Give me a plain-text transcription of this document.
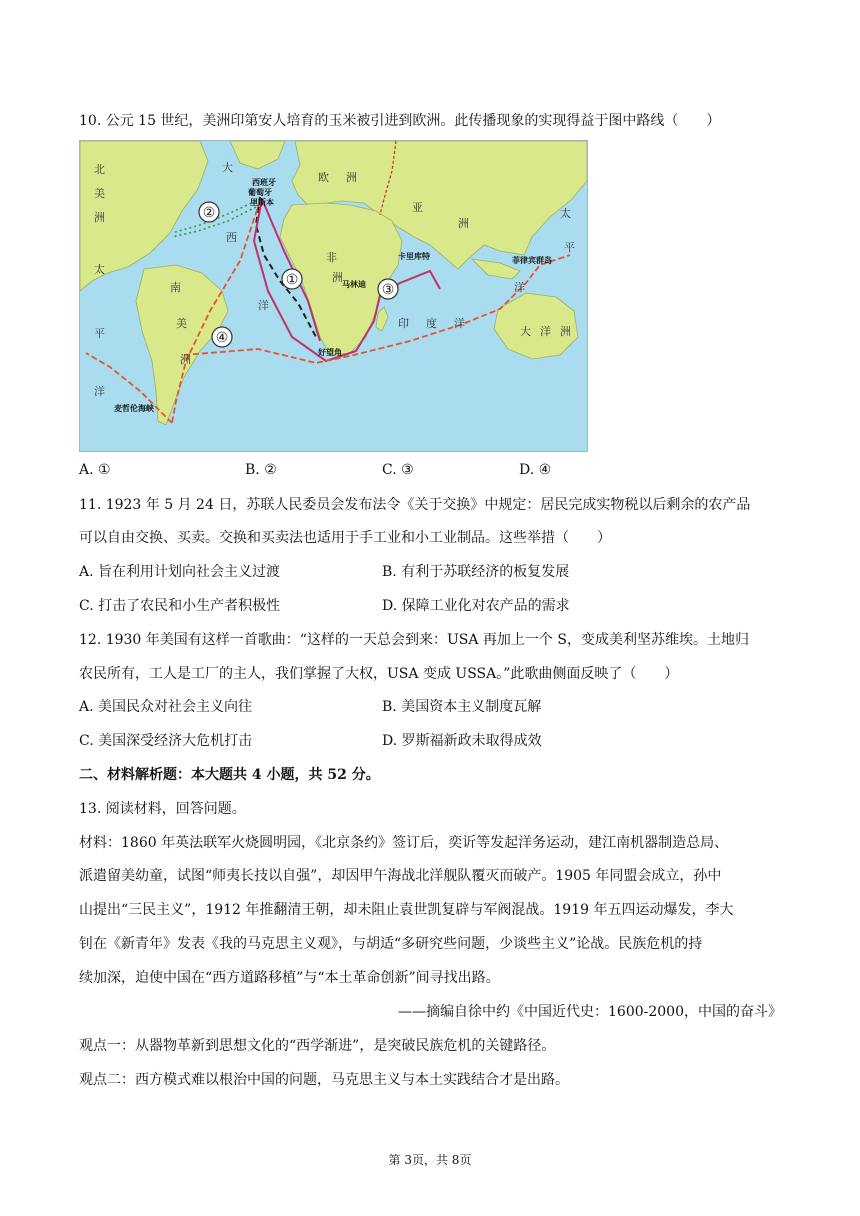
10. 公元 15 世纪，美洲印第安人培育的玉米被引进到欧洲。此传播现象的实现得益于图中路线（　　）
①
②
③
④
北
美
洲
大
西
洋
欧 洲
亚
洲
非
洲
南
美
洲
大 洋 洲
太
平
洋
太
平
洋
印 度 洋
西班牙
葡萄牙
里斯本
卡里库特
马林迪
菲律宾群岛
好望角
麦哲伦海峡
A. ①	B. ②	C. ③	D. ④
11. 1923 年 5 月 24 日，苏联人民委员会发布法令《关于交换》中规定：居民完成实物税以后剩余的农产品
可以自由交换、买卖。交换和买卖法也适用于手工业和小工业制品。这些举措（　　）
A. 旨在利用计划向社会主义过渡	B. 有利于苏联经济的板复发展
C. 打击了农民和小生产者积极性	D. 保障工业化对农产品的需求
12. 1930 年美国有这样一首歌曲：“这样的一天总会到来：USA 再加上一个 S，变成美利坚苏维埃。土地归
农民所有，工人是工厂的主人，我们掌握了大权，USA 变成 USSA。”此歌曲侧面反映了（　　）
A. 美国民众对社会主义向往	B. 美国资本主义制度瓦解
C. 美国深受经济大危机打击	D. 罗斯福新政未取得成效
二、材料解析题：本大题共 4 小题，共 52 分。
13. 阅读材料，回答问题。
材料：1860 年英法联军火烧圆明园，《北京条约》签订后，奕䜣等发起洋务运动，建江南机器制造总局、
派遣留美幼童，试图“师夷长技以自强”，却因甲午海战北洋舰队覆灭而破产。1905 年同盟会成立，孙中
山提出“三民主义”，1912 年推翻清王朝，却未阻止袁世凯复辟与军阀混战。1919 年五四运动爆发，李大
钊在《新青年》发表《我的马克思主义观》，与胡适“多研究些问题，少谈些主义”论战。民族危机的持
续加深，迫使中国在“西方道路移植”与“本土革命创新”间寻找出路。
——摘编自徐中约《中国近代史：1600-2000，中国的奋斗》
观点一：从器物革新到思想文化的“西学渐进”，是突破民族危机的关键路径。
观点二：西方模式难以根治中国的问题，马克思主义与本土实践结合才是出路。
第 3页，共 8页
